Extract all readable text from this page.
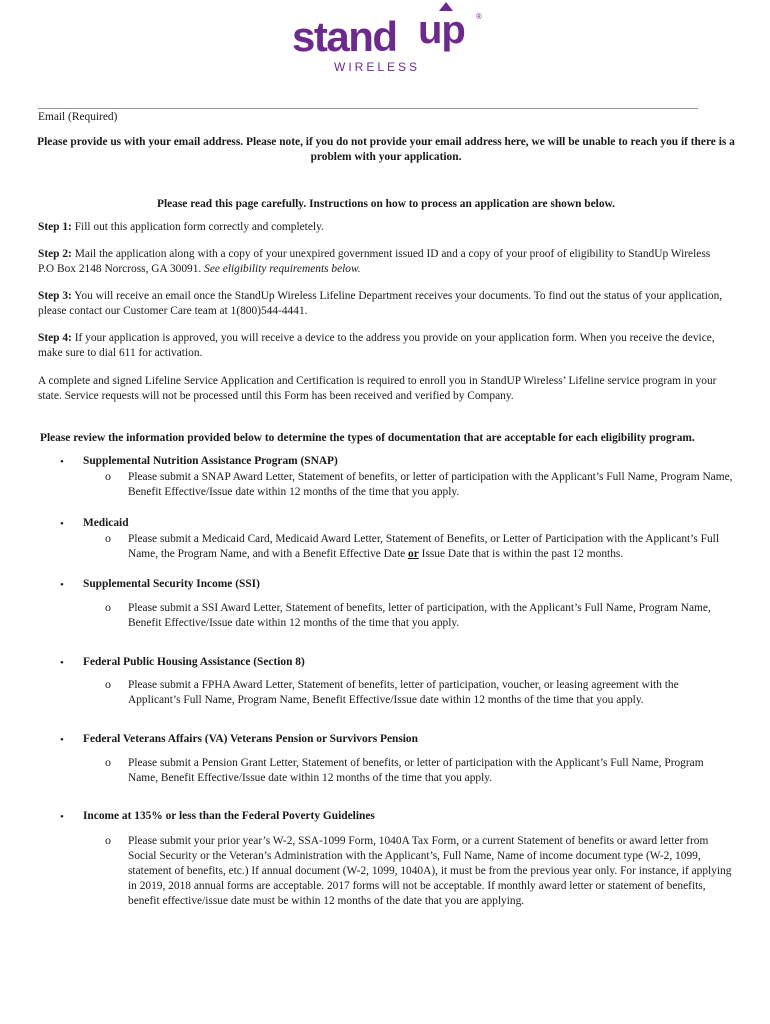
stand up ®
WIRELESS

Email (Required)

Please provide us with your email address. Please note, if you do not provide your email address here, we will be unable to reach you if there is a problem with your application.

Please read this page carefully. Instructions on how to process an application are shown below.

Step 1: Fill out this application form correctly and completely.

Step 2: Mail the application along with a copy of your unexpired government issued ID and a copy of your proof of eligibility to StandUp Wireless P.O Box 2148 Norcross, GA 30091. See eligibility requirements below.

Step 3: You will receive an email once the StandUp Wireless Lifeline Department receives your documents. To find out the status of your application, please contact our Customer Care team at 1(800)544-4441.

Step 4: If your application is approved, you will receive a device to the address you provide on your application form. When you receive the device, make sure to dial 611 for activation.

A complete and signed Lifeline Service Application and Certification is required to enroll you in StandUP Wireless’ Lifeline service program in your state. Service requests will not be processed until this Form has been received and verified by Company.

Please review the information provided below to determine the types of documentation that are acceptable for each eligibility program.

• Supplemental Nutrition Assistance Program (SNAP)

o Please submit a SNAP Award Letter, Statement of benefits, or letter of participation with the Applicant’s Full Name, Program Name, Benefit Effective/Issue date within 12 months of the time that you apply.

• Medicaid

o Please submit a Medicaid Card, Medicaid Award Letter, Statement of Benefits, or Letter of Participation with the Applicant’s Full Name, the Program Name, and with a Benefit Effective Date or Issue Date that is within the past 12 months.

• Supplemental Security Income (SSI)

o Please submit a SSI Award Letter, Statement of benefits, letter of participation, with the Applicant’s Full Name, Program Name, Benefit Effective/Issue date within 12 months of the time that you apply.

• Federal Public Housing Assistance (Section 8)

o Please submit a FPHA Award Letter, Statement of benefits, letter of participation, voucher, or leasing agreement with the Applicant’s Full Name, Program Name, Benefit Effective/Issue date within 12 months of the time that you apply.

• Federal Veterans Affairs (VA) Veterans Pension or Survivors Pension

o Please submit a Pension Grant Letter, Statement of benefits, or letter of participation with the Applicant’s Full Name, Program Name, Benefit Effective/Issue date within 12 months of the time that you apply.

• Income at 135% or less than the Federal Poverty Guidelines

o Please submit your prior year’s W-2, SSA-1099 Form, 1040A Tax Form, or a current Statement of benefits or award letter from Social Security or the Veteran’s Administration with the Applicant’s, Full Name, Name of income document type (W-2, 1099, statement of benefits, etc.) If annual document (W-2, 1099, 1040A), it must be from the previous year only. For instance, if applying in 2019, 2018 annual forms are acceptable. 2017 forms will not be acceptable. If monthly award letter or statement of benefits, benefit effective/issue date must be within 12 months of the date that you are applying.
